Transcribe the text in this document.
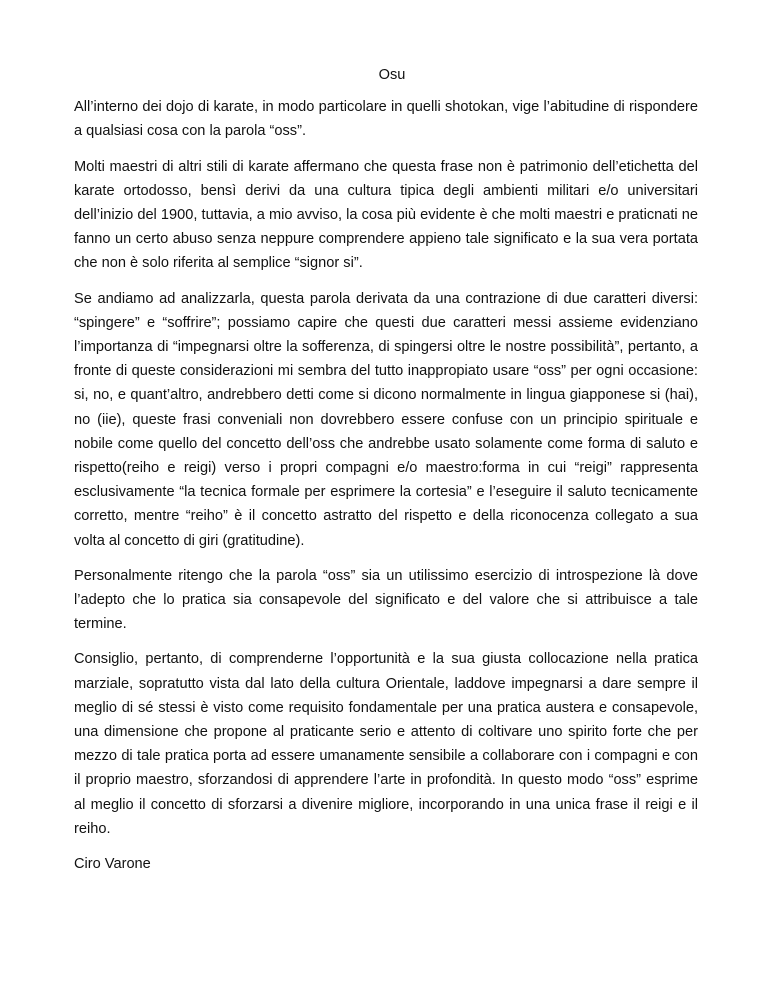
Osu

All’interno dei dojo di karate, in modo particolare in quelli shotokan, vige l’abitudine di rispondere a qualsiasi cosa con la parola “oss”.

Molti maestri di altri stili di karate affermano che questa frase non è patrimonio dell’etichetta del karate ortodosso, bensì derivi da una cultura tipica degli ambienti militari e/o universitari dell’inizio del 1900, tuttavia, a mio avviso, la cosa più evidente è che molti maestri e praticnati ne fanno un certo abuso senza neppure comprendere appieno tale significato e la sua vera portata che non è solo riferita al semplice “signor si”.

Se andiamo ad analizzarla, questa parola derivata da una contrazione di due caratteri diversi: “spingere” e “soffrire”; possiamo capire che questi due caratteri messi assieme evidenziano l’importanza di “impegnarsi oltre la sofferenza, di spingersi oltre le nostre possibilità”, pertanto, a fronte di queste considerazioni mi sembra del tutto inappropiato usare “oss” per ogni occasione: si, no, e quant’altro, andrebbero detti come si dicono normalmente in lingua giapponese si (hai), no (iie), queste frasi conveniali non dovrebbero essere confuse con un principio spirituale e nobile come quello del concetto dell’oss che andrebbe usato solamente come forma di saluto e rispetto(reiho e reigi) verso i propri compagni e/o maestro:forma in cui “reigi” rappresenta esclusivamente “la tecnica formale per esprimere la cortesia” e l’eseguire il saluto tecnicamente corretto, mentre “reiho” è il concetto astratto del rispetto e della riconocenza collegato a sua volta al concetto di giri (gratitudine).

Personalmente ritengo che la parola “oss” sia un utilissimo esercizio di introspezione là dove l’adepto che lo pratica sia consapevole del significato e del valore che si attribuisce a tale termine.

Consiglio, pertanto, di comprenderne l’opportunità e la sua giusta collocazione nella pratica marziale, sopratutto vista dal lato della cultura Orientale, laddove impegnarsi a dare sempre il meglio di sé stessi è visto come requisito fondamentale per una pratica austera e consapevole, una dimensione che propone al praticante serio e attento di coltivare uno spirito forte che per mezzo di tale pratica porta ad essere umanamente sensibile a collaborare con i compagni e con il proprio maestro, sforzandosi di apprendere l’arte in profondità. In questo modo “oss” esprime al meglio il concetto di sforzarsi a divenire migliore, incorporando in una unica frase il reigi e il reiho.

Ciro Varone
